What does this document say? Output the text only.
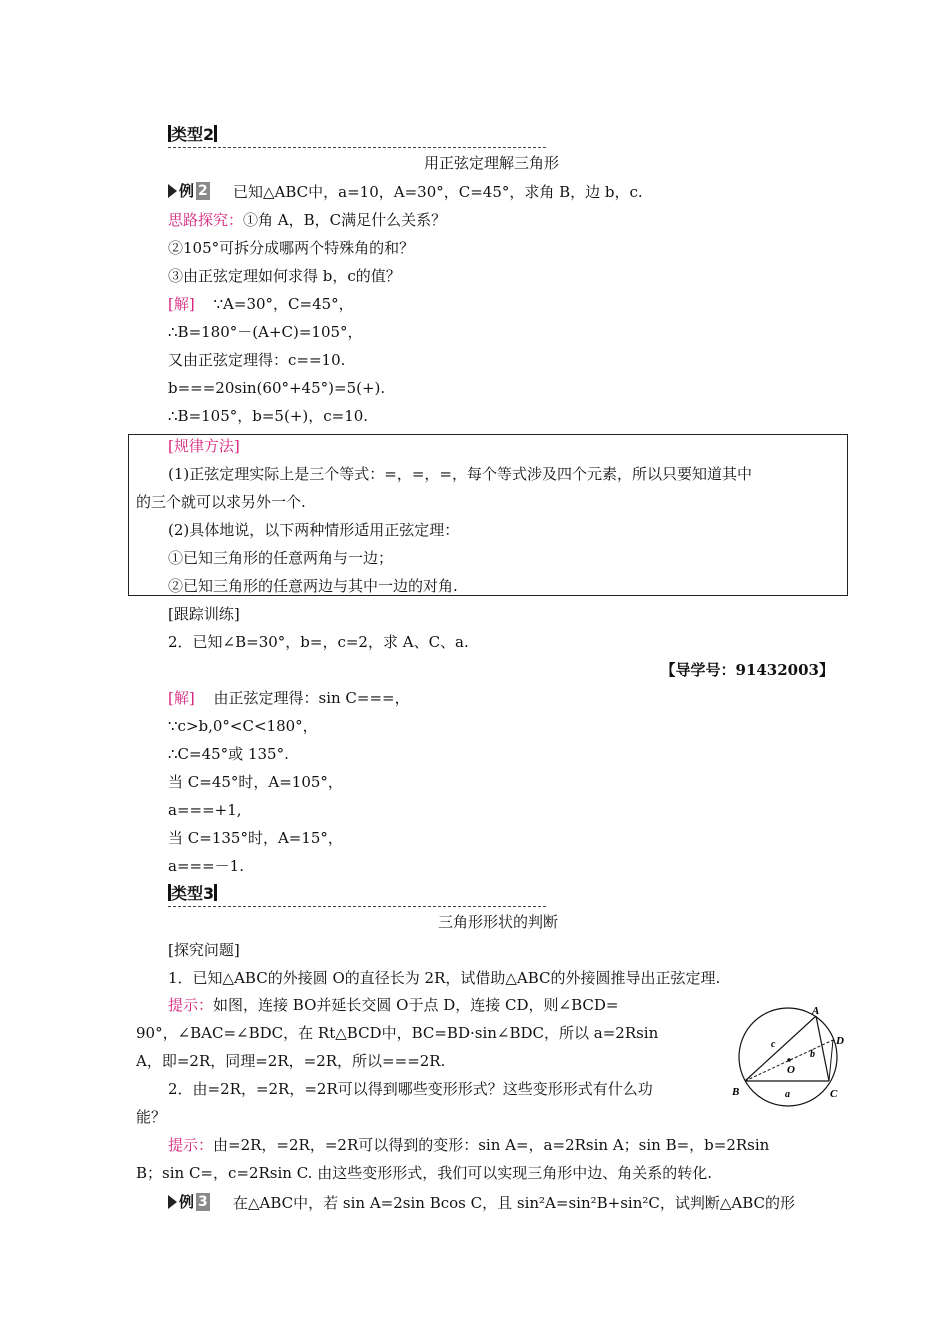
类型2
用正弦定理解三角形
例 2 已知△ABC中，a=10，A=30°，C=45°，求角 B，边 b，c.
思路探究：①角 A，B，C满足什么关系？
②105°可拆分成哪两个特殊角的和？
③由正弦定理如何求得 b，c的值？
[解] ∵A=30°，C=45°，
∴B=180°－(A+C)=105°，
又由正弦定理得：c==10.
b===20sin(60°+45°)=5(+).
∴B=105°，b=5(+)，c=10.
[规律方法]
(1)正弦定理实际上是三个等式：=，=，=，每个等式涉及四个元素，所以只要知道其中
的三个就可以求另外一个.
(2)具体地说，以下两种情形适用正弦定理：
①已知三角形的任意两角与一边；
②已知三角形的任意两边与其中一边的对角.
[跟踪训练]
2．已知∠B=30°，b=，c=2，求 A、C、a.
【导学号：91432003】
[解] 由正弦定理得：sin C===，
∵c>b,0°<C<180°，
∴C=45°或 135°.
当 C=45°时，A=105°，
a===+1,
当 C=135°时，A=15°，
a===－1.
类型3
三角形形状的判断
[探究问题]
1．已知△ABC的外接圆 O的直径长为 2R，试借助△ABC的外接圆推导出正弦定理.
提示：如图，连接 BO并延长交圆 O于点 D，连接 CD，则∠BCD=
90°，∠BAC=∠BDC，在 Rt△BCD中，BC=BD·sin∠BDC，所以 a=2Rsin
A，即=2R，同理=2R，=2R，所以===2R.
2．由=2R，=2R，=2R可以得到哪些变形形式？这些变形形式有什么功
能？
提示：由=2R，=2R，=2R可以得到的变形：sin A=，a=2Rsin A；sin B=，b=2Rsin
B；sin C=，c=2Rsin C. 由这些变形形式，我们可以实现三角形中边、角关系的转化.
例 3 在△ABC中，若 sin A=2sin Bcos C，且 sin²A=sin²B+sin²C，试判断△ABC的形
A
B	C
D
O
a
b
c
